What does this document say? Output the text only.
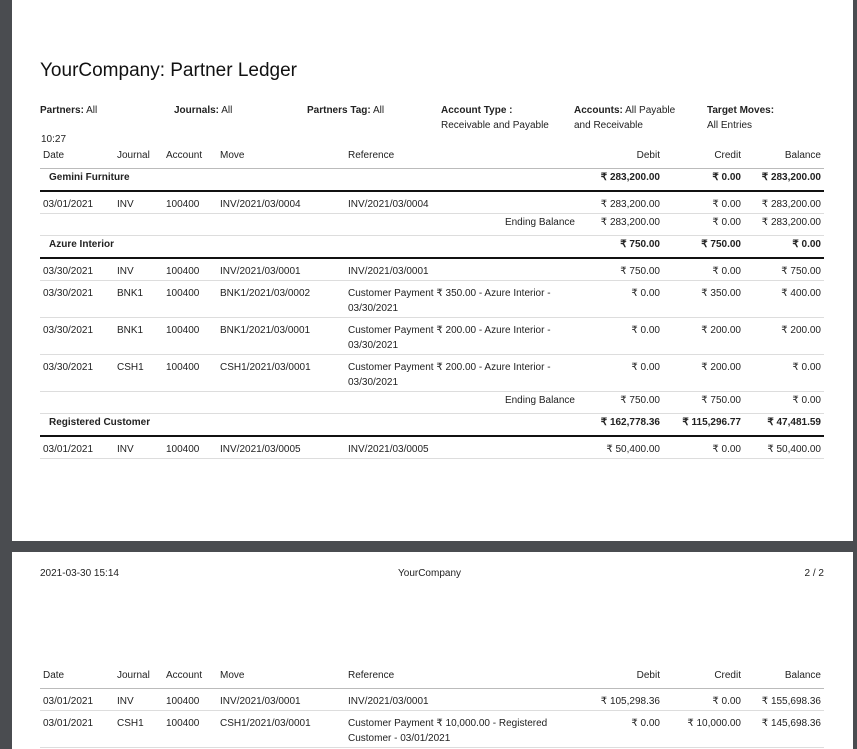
YourCompany: Partner Ledger
Partners: All	Journals: All	Partners Tag: All	Account Type :
Receivable and Payable
Accounts: All Payable and Receivable
Target Moves:
All Entries
10:27
Date	Journal	Account	Move	Reference	Debit	Credit	Balance
Gemini Furniture					₹ 283,200.00	₹ 0.00	₹ 283,200.00
03/01/2021	INV	100400	INV/2021/03/0004	INV/2021/03/0004	₹ 283,200.00	₹ 0.00	₹ 283,200.00
Ending Balance					₹ 283,200.00	₹ 0.00	₹ 283,200.00
Azure Interior					₹ 750.00	₹ 750.00	₹ 0.00
03/30/2021	INV	100400	INV/2021/03/0001	INV/2021/03/0001	₹ 750.00	₹ 0.00	₹ 750.00
03/30/2021	BNK1	100400	BNK1/2021/03/0002	Customer Payment ₹ 350.00 - Azure Interior - 03/30/2021	₹ 0.00	₹ 350.00	₹ 400.00
03/30/2021	BNK1	100400	BNK1/2021/03/0001	Customer Payment ₹ 200.00 - Azure Interior - 03/30/2021	₹ 0.00	₹ 200.00	₹ 200.00
03/30/2021	CSH1	100400	CSH1/2021/03/0001	Customer Payment ₹ 200.00 - Azure Interior - 03/30/2021	₹ 0.00	₹ 200.00	₹ 0.00
Ending Balance					₹ 750.00	₹ 750.00	₹ 0.00
Registered Customer					₹ 162,778.36	₹ 115,296.77	₹ 47,481.59
03/01/2021	INV	100400	INV/2021/03/0005	INV/2021/03/0005	₹ 50,400.00	₹ 0.00	₹ 50,400.00
2021-03-30 15:14	YourCompany	2 / 2
Date	Journal	Account	Move	Reference	Debit	Credit	Balance
03/01/2021	INV	100400	INV/2021/03/0001	INV/2021/03/0001	₹ 105,298.36	₹ 0.00	₹ 155,698.36
03/01/2021	CSH1	100400	CSH1/2021/03/0001	Customer Payment ₹ 10,000.00 - Registered Customer - 03/01/2021	₹ 0.00	₹ 10,000.00	₹ 145,698.36
